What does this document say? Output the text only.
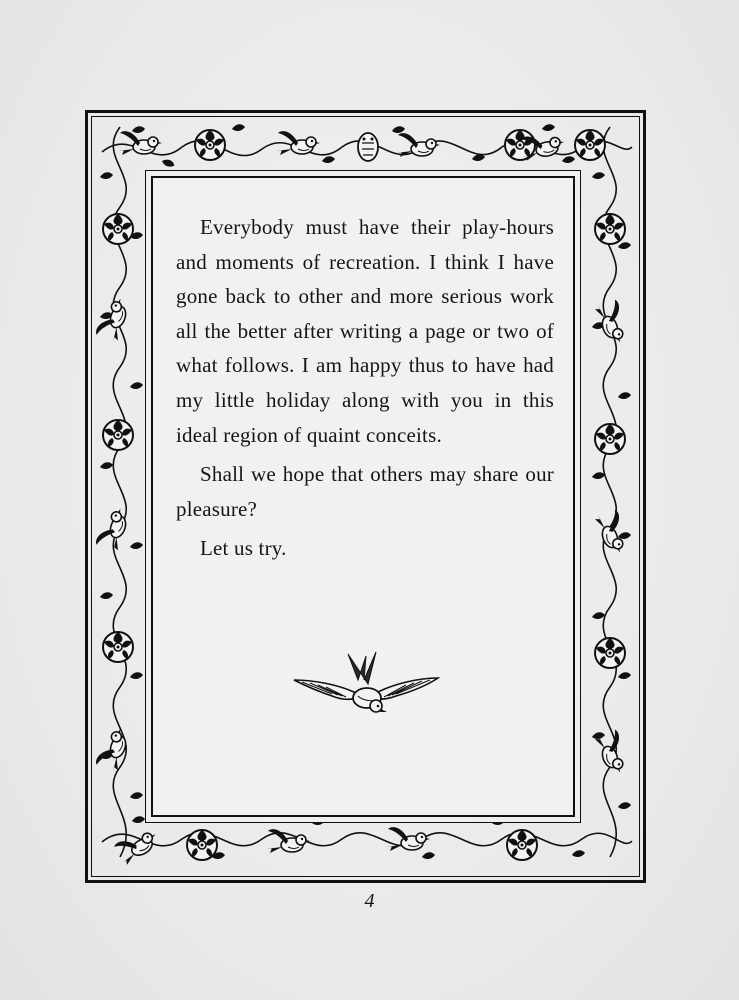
Everybody must have their play-hours and moments of recreation. I think I have gone back to other and more serious work all the better after writing a page or two of what follows. I am happy thus to have had my little holiday along with you in this ideal region of quaint conceits.

Shall we hope that others may share our pleasure?

Let us try.

4
